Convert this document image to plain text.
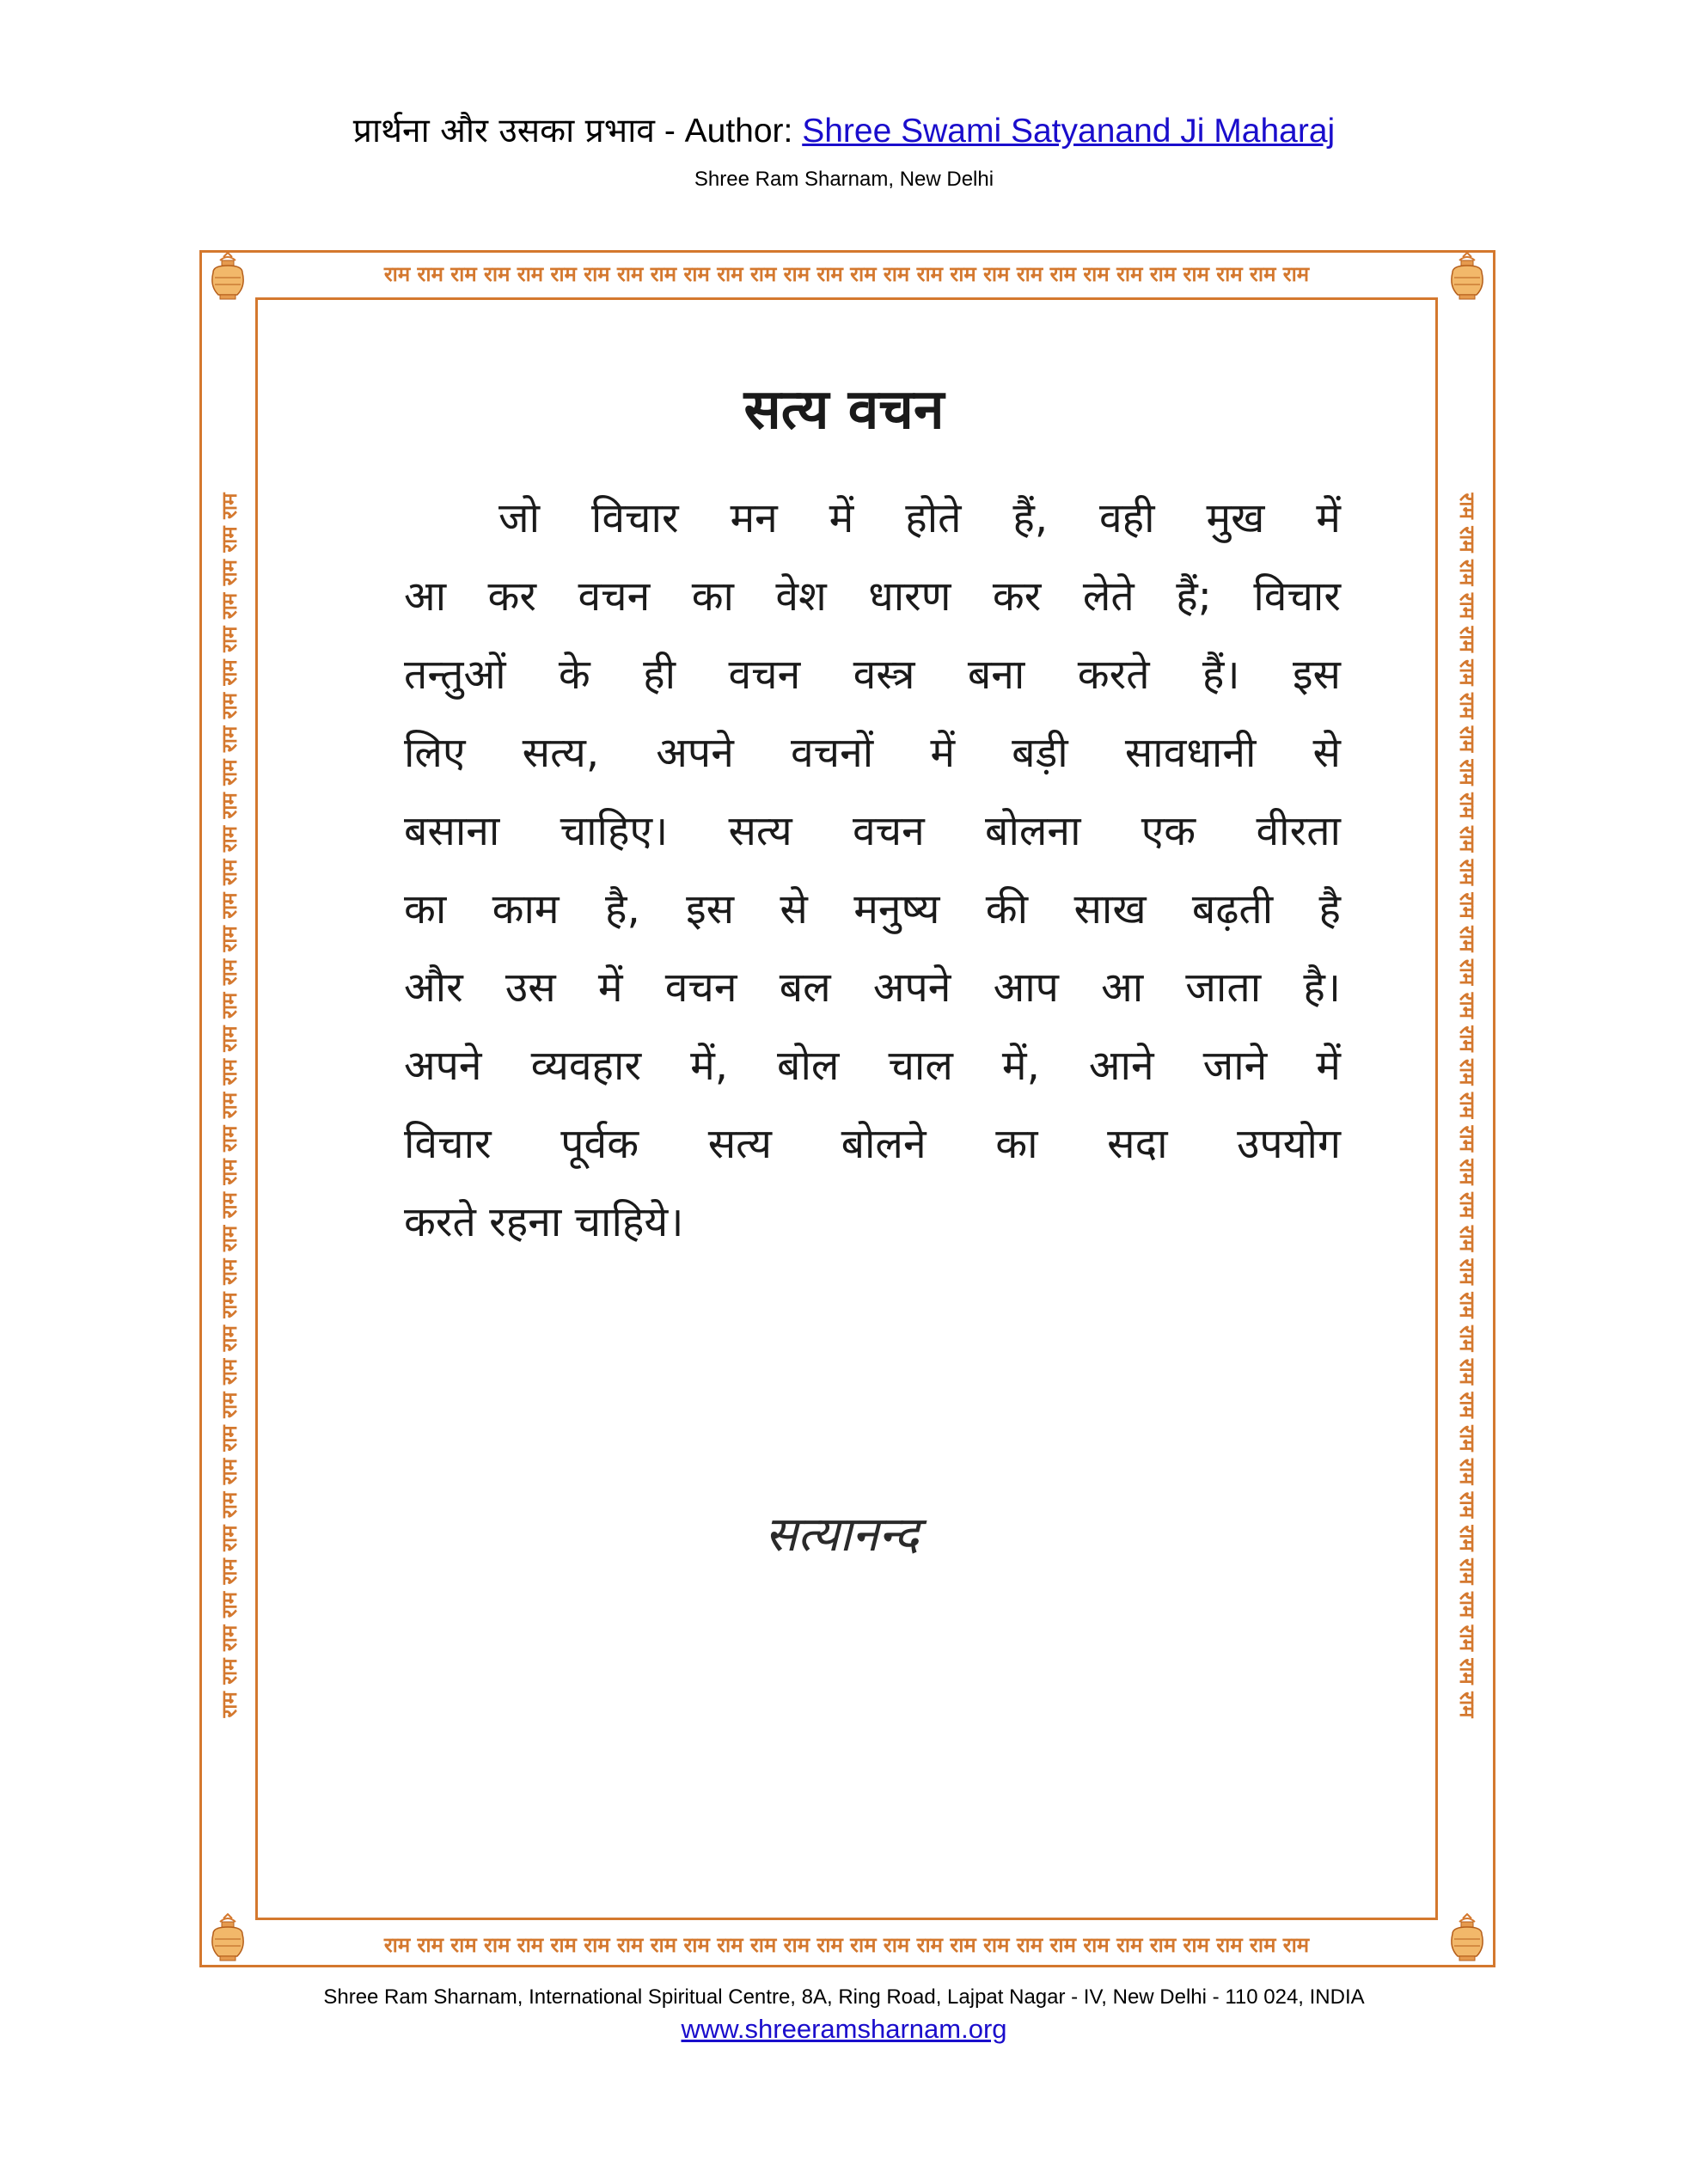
प्रार्थना और उसका प्रभाव - Author: Shree Swami Satyanand Ji Maharaj
Shree Ram Sharnam, New Delhi
राम राम राम राम राम राम राम राम राम राम राम राम राम राम राम राम राम राम राम राम राम राम राम राम राम राम राम राम
राम राम राम राम राम राम राम राम राम राम राम राम राम राम राम राम राम राम राम राम राम राम राम राम राम राम राम राम
राम राम राम राम राम राम राम राम राम राम राम राम राम राम राम राम राम राम राम राम राम राम राम राम राम राम राम राम राम राम राम राम राम राम राम राम राम	राम राम राम राम राम राम राम राम राम राम राम राम राम राम राम राम राम राम राम राम राम राम राम राम राम राम राम राम राम राम राम राम राम राम राम राम राम
सत्य वचन
जो विचार मन में होते हैं, वही मुख में
आ कर वचन का वेश धारण कर लेते हैं; विचार
तन्तुओं के ही वचन वस्त्र बना करते हैं। इस
लिए सत्य, अपने वचनों में बड़ी सावधानी से
बसाना चाहिए। सत्य वचन बोलना एक वीरता
का काम है, इस से मनुष्य की साख बढ़ती है
और उस में वचन बल अपने आप आ जाता है।
अपने व्यवहार में, बोल चाल में, आने जाने में
विचार पूर्वक सत्य बोलने का सदा उपयोग
करते रहना चाहिये।
सत्यानन्द
Shree Ram Sharnam, International Spiritual Centre, 8A, Ring Road, Lajpat Nagar - IV, New Delhi - 110 024, INDIA
www.shreeramsharnam.org
